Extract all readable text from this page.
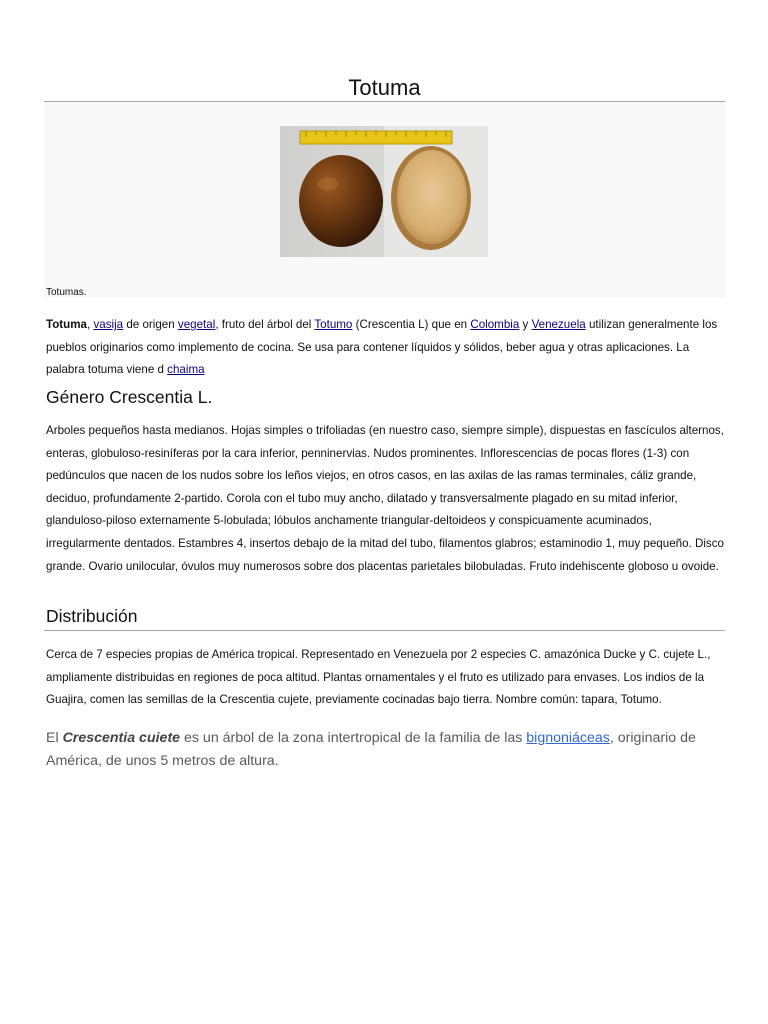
Totuma
Totumas.
Totuma, vasija de origen vegetal, fruto del árbol del Totumo (Crescentia L) que en Colombia y Venezuela utilizan generalmente los pueblos originarios como implemento de cocina. Se usa para contener líquidos y sólidos, beber agua y otras aplicaciones. La palabra totuma viene d chaima
Género Crescentia L.
Arboles pequeños hasta medianos. Hojas simples o trifoliadas (en nuestro caso, siempre simple), dispuestas en fascículos alternos, enteras, globuloso-resiníferas por la cara inferior, penninervias. Nudos prominentes. Inflorescencias de pocas flores (1-3) con pedúnculos que nacen de los nudos sobre los leños viejos, en otros casos, en las axilas de las ramas terminales, cáliz grande, deciduo, profundamente 2-partido. Corola con el tubo muy ancho, dilatado y transversalmente plagado en su mitad inferior, glanduloso-piloso externamente 5-lobulada; lóbulos anchamente triangular-deltoideos y conspicuamente acuminados, irregularmente dentados. Estambres 4, insertos debajo de la mitad del tubo, filamentos glabros; estaminodio 1, muy pequeño. Disco grande. Ovario unilocular, óvulos muy numerosos sobre dos placentas parietales bilobuladas. Fruto indehiscente globoso u ovoide.
Distribución
Cerca de 7 especies propias de América tropical. Representado en Venezuela por 2 especies C. amazónica Ducke y C. cujete L., ampliamente distribuidas en regiones de poca altitud. Plantas ornamentales y el fruto es utilizado para envases. Los indios de la Guajira, comen las semillas de la Crescentia cujete, previamente cocinadas bajo tierra. Nombre común: tapara, Totumo.
El Crescentia cuiete es un árbol de la zona intertropical de la familia de las bignoniáceas, originario de América, de unos 5 metros de altura.
